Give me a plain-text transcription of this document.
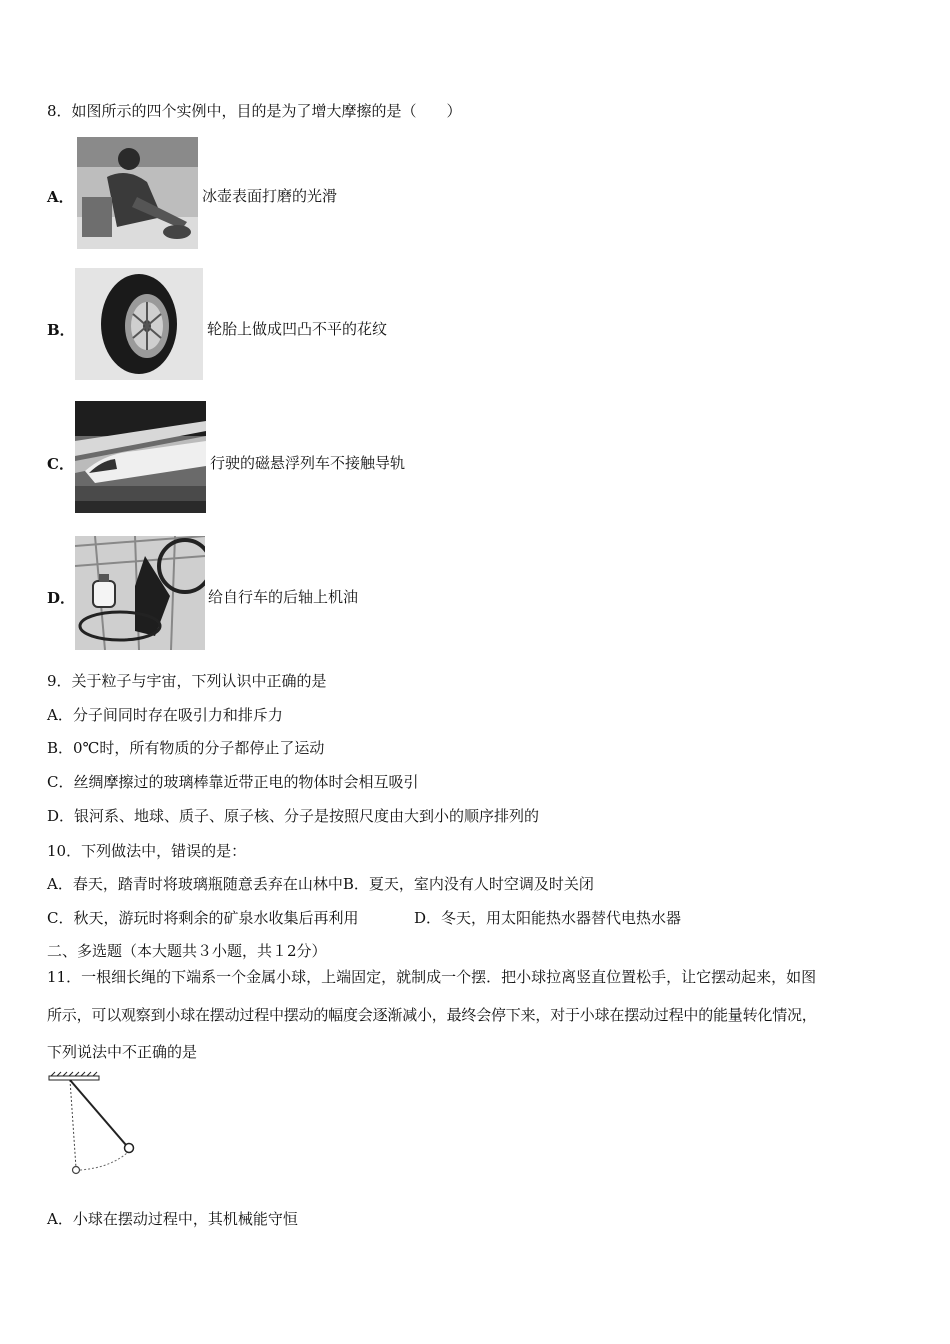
8．如图所示的四个实例中，目的是为了增大摩擦的是（　　）
A．	冰壶表面打磨的光滑
B．	轮胎上做成凹凸不平的花纹
C．	行驶的磁悬浮列车不接触导轨
D．	给自行车的后轴上机油
9．关于粒子与宇宙，下列认识中正确的是
A．分子间同时存在吸引力和排斥力
B．0℃时，所有物质的分子都停止了运动
C．丝绸摩擦过的玻璃棒靠近带正电的物体时会相互吸引
D．银河系、地球、质子、原子核、分子是按照尺度由大到小的顺序排列的
10．下列做法中，错误的是：
A．春天，踏青时将玻璃瓶随意丢弃在山林中B．夏天，室内没有人时空调及时关闭
C．秋天，游玩时将剩余的矿泉水收集后再利用	D．冬天，用太阳能热水器替代电热水器
二、多选题（本大题共３小题，共１2分）
11．一根细长绳的下端系一个金属小球，上端固定，就制成一个摆．把小球拉离竖直位置松手，让它摆动起来，如图
所示，可以观察到小球在摆动过程中摆动的幅度会逐渐减小，最终会停下来，对于小球在摆动过程中的能量转化情况，
下列说法中不正确的是
A．小球在摆动过程中，其机械能守恒
